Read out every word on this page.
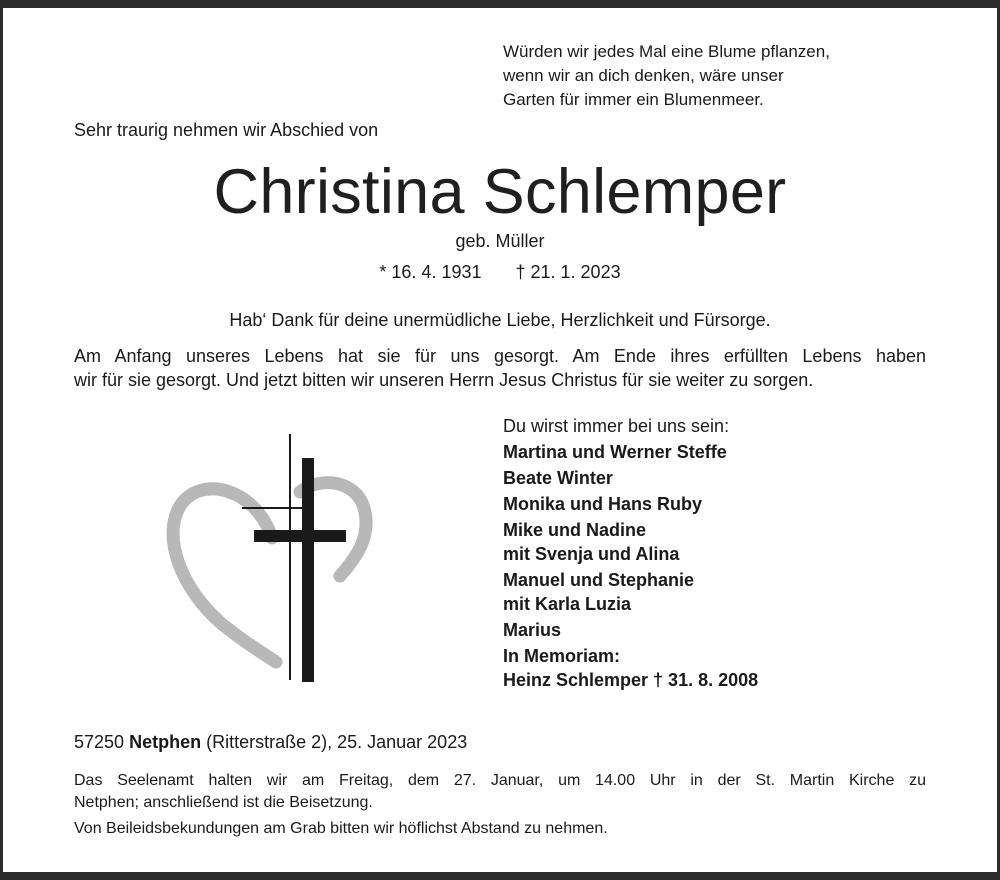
Würden wir jedes Mal eine Blume pflanzen,
wenn wir an dich denken, wäre unser
Garten für immer ein Blumenmeer.
Sehr traurig nehmen wir Abschied von
Christina Schlemper
geb. Müller
* 16. 4. 1931 † 21. 1. 2023
Hab‘ Dank für deine unermüdliche Liebe, Herzlichkeit und Fürsorge.
Am Anfang unseres Lebens hat sie für uns gesorgt. Am Ende ihres erfüllten Lebens haben
wir für sie gesorgt. Und jetzt bitten wir unseren Herrn Jesus Christus für sie weiter zu sorgen.
Du wirst immer bei uns sein:
Martina und Werner Steffe
Beate Winter
Monika und Hans Ruby
Mike und Nadine
mit Svenja und Alina
Manuel und Stephanie
mit Karla Luzia
Marius
In Memoriam:
Heinz Schlemper † 31. 8. 2008
57250 Netphen (Ritterstraße 2), 25. Januar 2023
Das Seelenamt halten wir am Freitag, dem 27. Januar, um 14.00 Uhr in der St. Martin Kirche zu
Netphen; anschließend ist die Beisetzung.
Von Beileidsbekundungen am Grab bitten wir höflichst Abstand zu nehmen.
